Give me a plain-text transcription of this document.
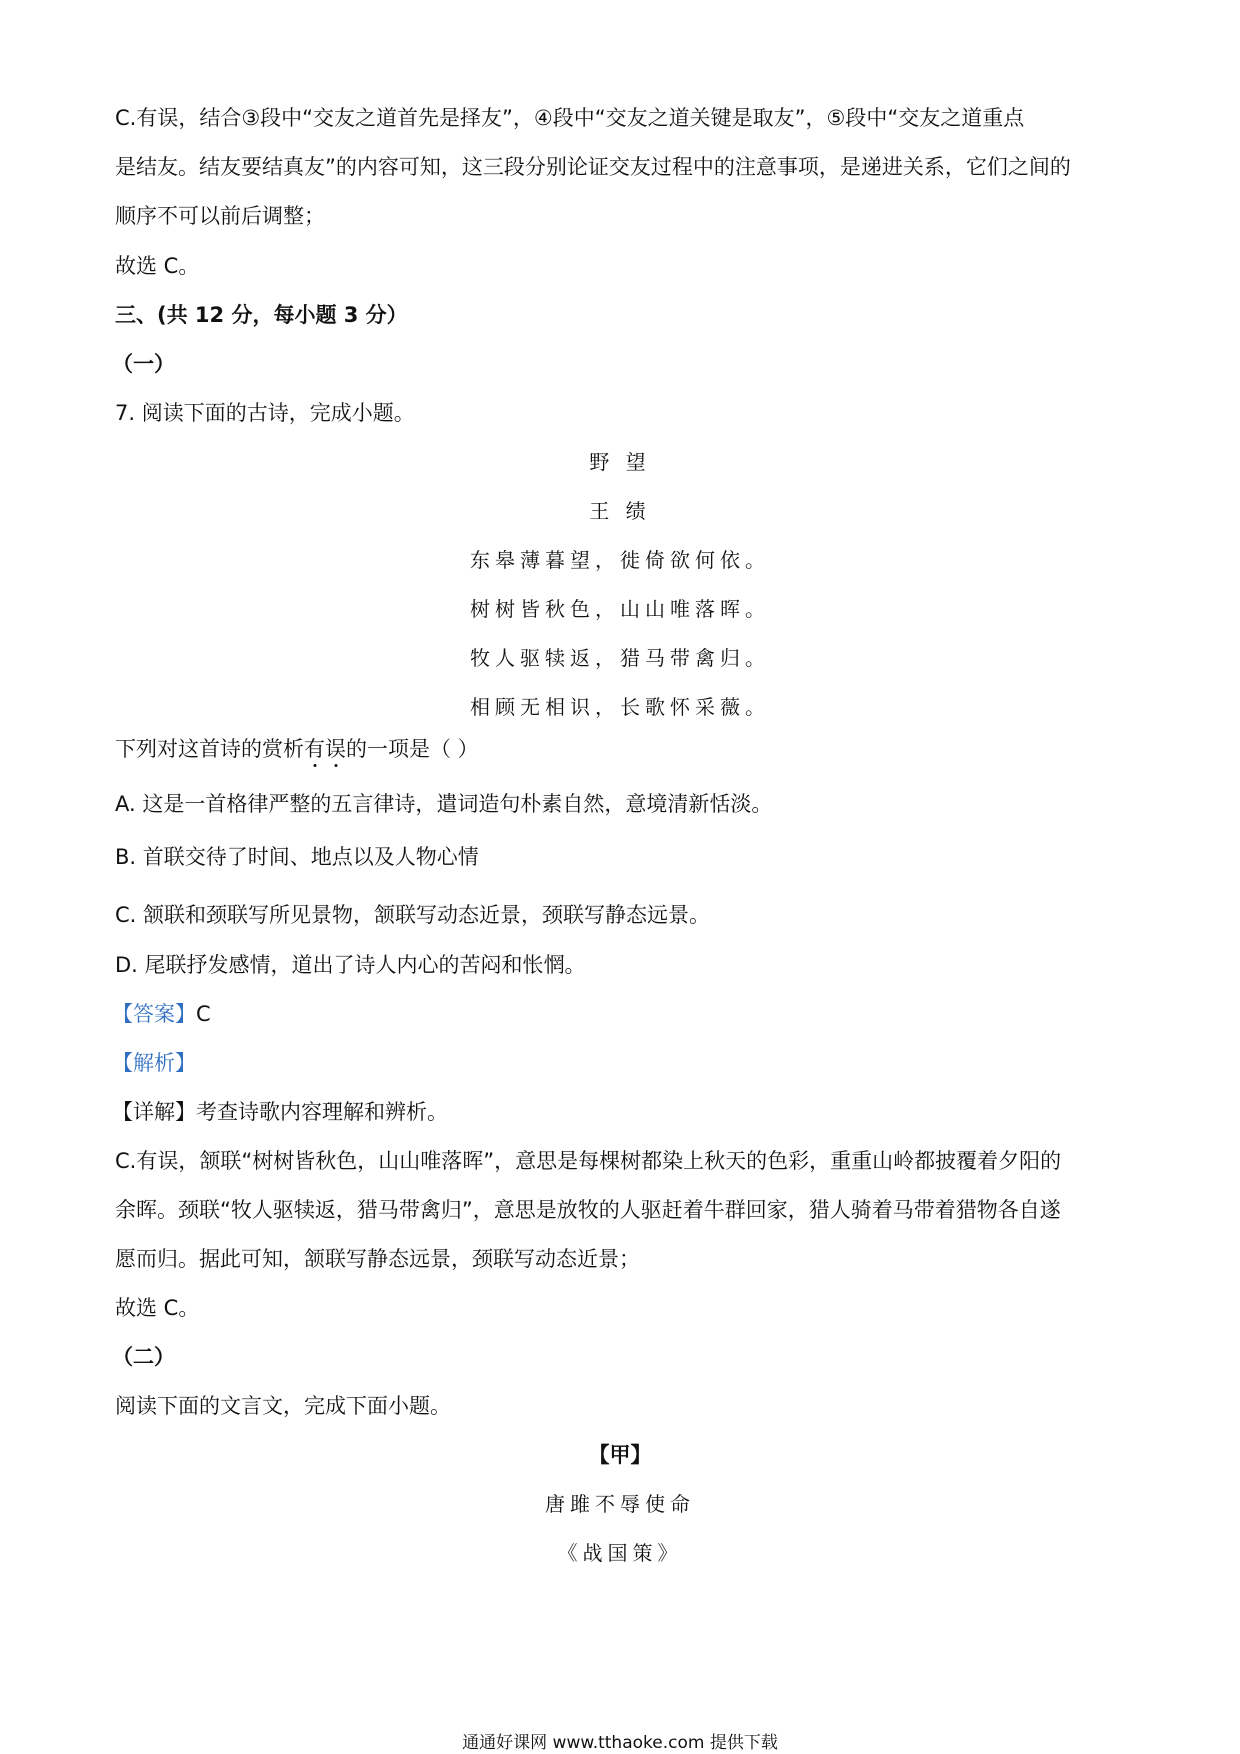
C.有误，结合③段中“交友之道首先是择友”，④段中“交友之道关键是取友”，⑤段中“交友之道重点

是结友。结友要结真友”的内容可知，这三段分别论证交友过程中的注意事项，是递进关系，它们之间的

顺序不可以前后调整；

故选 C。

三、(共 12 分，每小题 3 分）

（一）

7. 阅读下面的古诗，完成小题。

野 望

王 绩

东皋薄暮望，徙倚欲何依。

树树皆秋色，山山唯落晖。

牧人驱犊返，猎马带禽归。

相顾无相识，长歌怀采薇。

下列对这首诗的赏析有误的一项是（ ）

A. 这是一首格律严整的五言律诗，遣词造句朴素自然，意境清新恬淡。

B. 首联交待了时间、地点以及人物心情

C. 颔联和颈联写所见景物，颔联写动态近景，颈联写静态远景。

D. 尾联抒发感情，道出了诗人内心的苦闷和怅惘。

【答案】C

【解析】

【详解】考查诗歌内容理解和辨析。

C.有误，颔联“树树皆秋色，山山唯落晖”，意思是每棵树都染上秋天的色彩，重重山岭都披覆着夕阳的

余晖。颈联“牧人驱犊返，猎马带禽归”，意思是放牧的人驱赶着牛群回家，猎人骑着马带着猎物各自遂

愿而归。据此可知，颔联写静态远景，颈联写动态近景；

故选 C。

（二）

阅读下面的文言文，完成下面小题。

【甲】

唐雎不辱使命

《战国策》

通通好课网 www.tthaoke.com 提供下载
